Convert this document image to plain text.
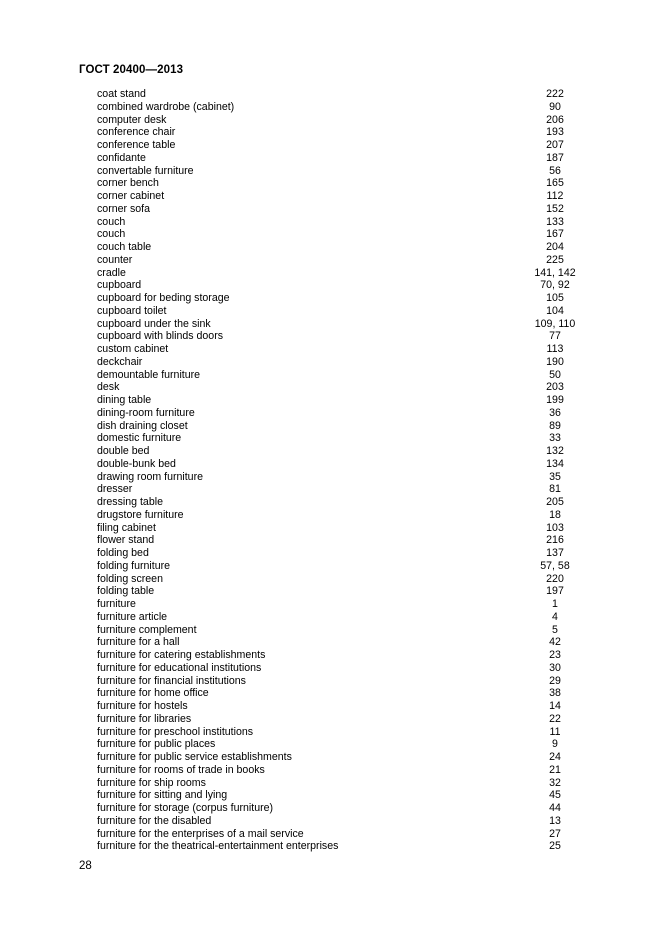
ГОСТ 20400—2013
coat stand	222
combined wardrobe (cabinet)	90
computer desk	206
conference chair	193
conference table	207
confidante	187
convertable furniture	56
corner bench	165
corner cabinet	112
corner sofa	152
couch	133
couch	167
couch table	204
counter	225
cradle	141, 142
cupboard	70, 92
cupboard for beding storage	105
cupboard toilet	104
cupboard under the sink	109, 110
cupboard with blinds doors	77
custom cabinet	113
deckchair	190
demountable furniture	50
desk	203
dining table	199
dining-room furniture	36
dish draining closet	89
domestic furniture	33
double bed	132
double-bunk bed	134
drawing room furniture	35
dresser	81
dressing table	205
drugstore furniture	18
filing cabinet	103
flower stand	216
folding bed	137
folding furniture	57, 58
folding screen	220
folding table	197
furniture	1
furniture article	4
furniture complement	5
furniture for a hall	42
furniture for catering establishments	23
furniture for educational institutions	30
furniture for financial institutions	29
furniture for home office	38
furniture for hostels	14
furniture for libraries	22
furniture for preschool institutions	11
furniture for public places	9
furniture for public service establishments	24
furniture for rooms of trade in books	21
furniture for ship rooms	32
furniture for sitting and lying	45
furniture for storage (corpus furniture)	44
furniture for the disabled	13
furniture for the enterprises of a mail service	27
furniture for the theatrical-entertainment enterprises	25
28
